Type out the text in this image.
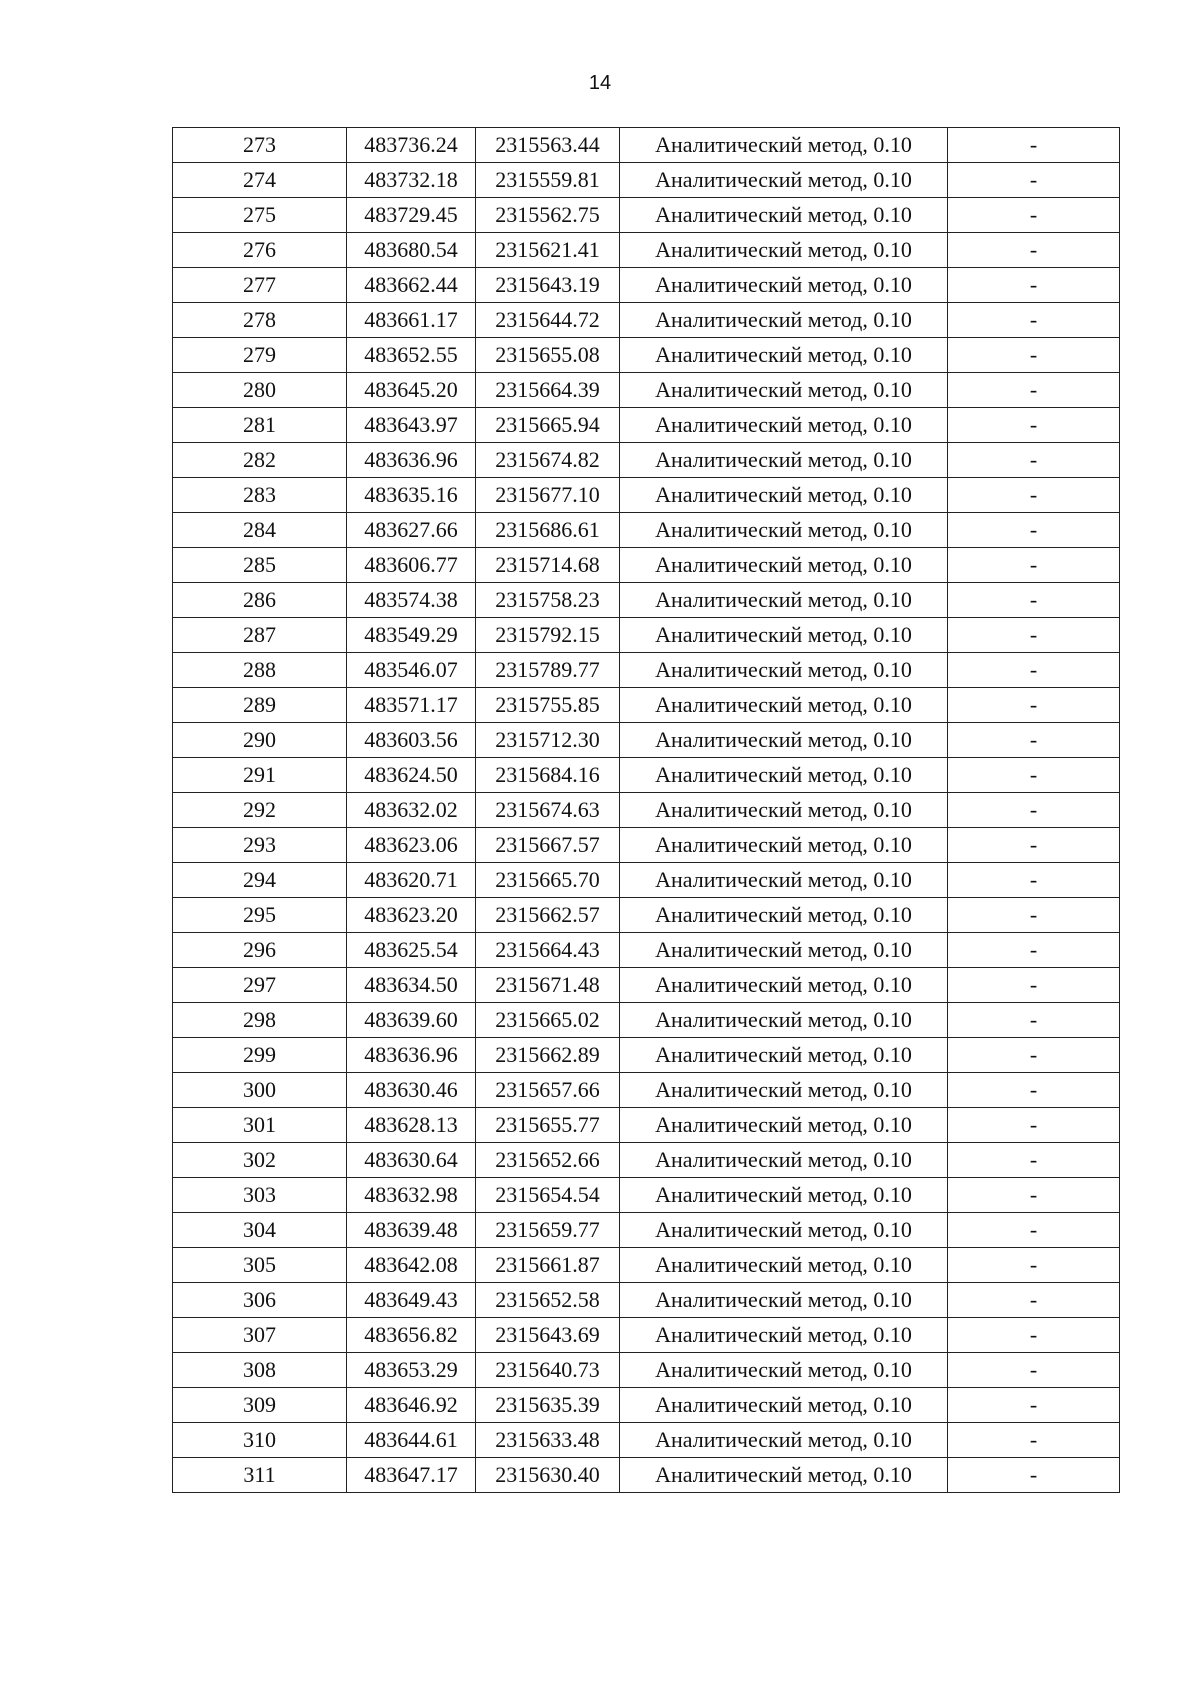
14
273	483736.24	2315563.44	Аналитический метод, 0.10	-
274	483732.18	2315559.81	Аналитический метод, 0.10	-
275	483729.45	2315562.75	Аналитический метод, 0.10	-
276	483680.54	2315621.41	Аналитический метод, 0.10	-
277	483662.44	2315643.19	Аналитический метод, 0.10	-
278	483661.17	2315644.72	Аналитический метод, 0.10	-
279	483652.55	2315655.08	Аналитический метод, 0.10	-
280	483645.20	2315664.39	Аналитический метод, 0.10	-
281	483643.97	2315665.94	Аналитический метод, 0.10	-
282	483636.96	2315674.82	Аналитический метод, 0.10	-
283	483635.16	2315677.10	Аналитический метод, 0.10	-
284	483627.66	2315686.61	Аналитический метод, 0.10	-
285	483606.77	2315714.68	Аналитический метод, 0.10	-
286	483574.38	2315758.23	Аналитический метод, 0.10	-
287	483549.29	2315792.15	Аналитический метод, 0.10	-
288	483546.07	2315789.77	Аналитический метод, 0.10	-
289	483571.17	2315755.85	Аналитический метод, 0.10	-
290	483603.56	2315712.30	Аналитический метод, 0.10	-
291	483624.50	2315684.16	Аналитический метод, 0.10	-
292	483632.02	2315674.63	Аналитический метод, 0.10	-
293	483623.06	2315667.57	Аналитический метод, 0.10	-
294	483620.71	2315665.70	Аналитический метод, 0.10	-
295	483623.20	2315662.57	Аналитический метод, 0.10	-
296	483625.54	2315664.43	Аналитический метод, 0.10	-
297	483634.50	2315671.48	Аналитический метод, 0.10	-
298	483639.60	2315665.02	Аналитический метод, 0.10	-
299	483636.96	2315662.89	Аналитический метод, 0.10	-
300	483630.46	2315657.66	Аналитический метод, 0.10	-
301	483628.13	2315655.77	Аналитический метод, 0.10	-
302	483630.64	2315652.66	Аналитический метод, 0.10	-
303	483632.98	2315654.54	Аналитический метод, 0.10	-
304	483639.48	2315659.77	Аналитический метод, 0.10	-
305	483642.08	2315661.87	Аналитический метод, 0.10	-
306	483649.43	2315652.58	Аналитический метод, 0.10	-
307	483656.82	2315643.69	Аналитический метод, 0.10	-
308	483653.29	2315640.73	Аналитический метод, 0.10	-
309	483646.92	2315635.39	Аналитический метод, 0.10	-
310	483644.61	2315633.48	Аналитический метод, 0.10	-
311	483647.17	2315630.40	Аналитический метод, 0.10	-
